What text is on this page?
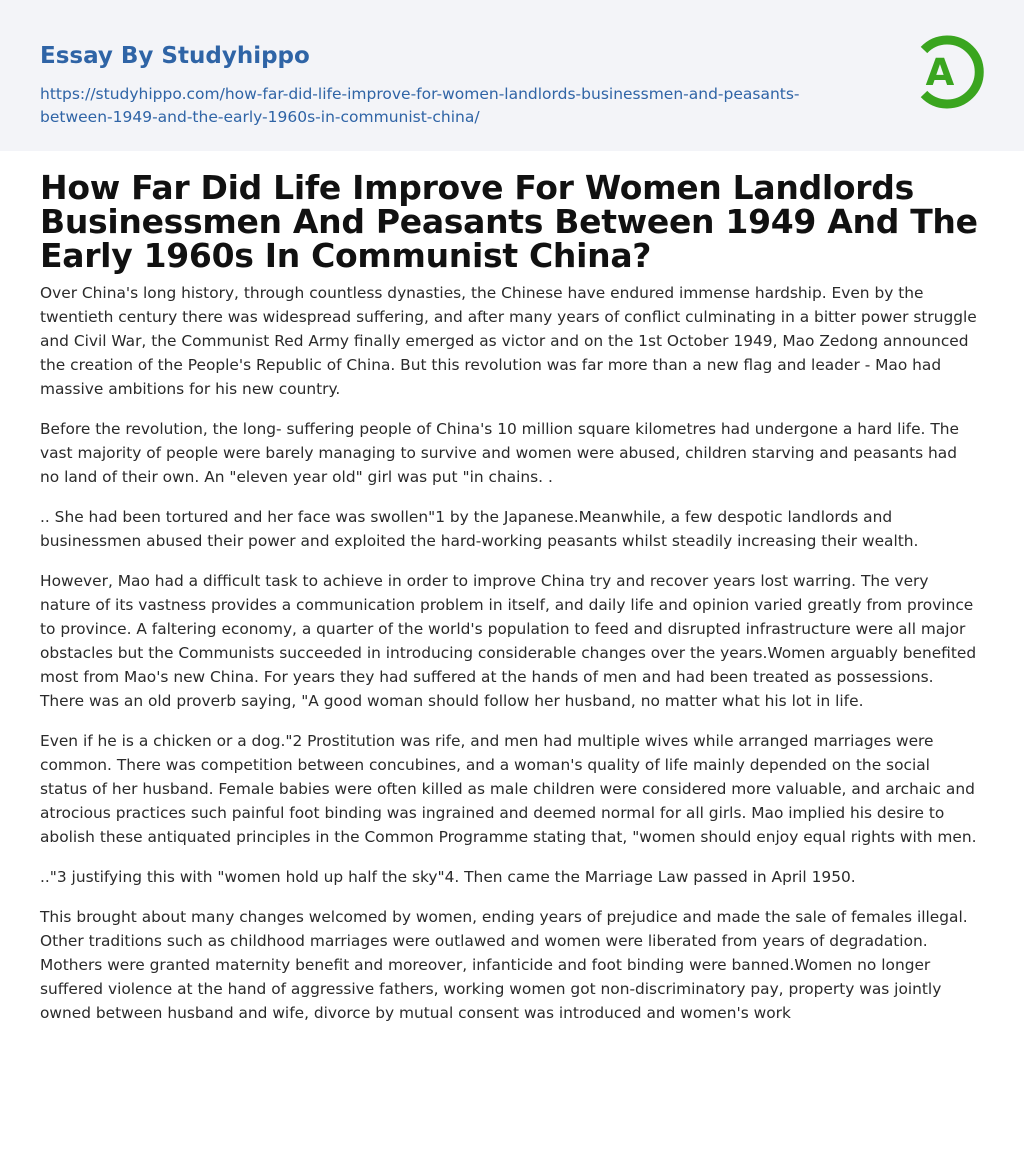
Essay By Studyhippo
https://studyhippo.com/how-far-did-life-improve-for-women-landlords-businessmen-and-peasants-between-1949-and-the-early-1960s-in-communist-china/
A
How Far Did Life Improve For Women Landlords Businessmen And Peasants Between 1949 And The Early 1960s In Communist China?

Over China's long history, through countless dynasties, the Chinese have endured immense hardship. Even by the twentieth century there was widespread suffering, and after many years of conflict culminating in a bitter power struggle and Civil War, the Communist Red Army finally emerged as victor and on the 1st October 1949, Mao Zedong announced the creation of the People's Republic of China. But this revolution was far more than a new flag and leader - Mao had massive ambitions for his new country.

Before the revolution, the long- suffering people of China's 10 million square kilometres had undergone a hard life. The vast majority of people were barely managing to survive and women were abused, children starving and peasants had no land of their own. An "eleven year old" girl was put "in chains. .

.. She had been tortured and her face was swollen"1 by the Japanese.Meanwhile, a few despotic landlords and businessmen abused their power and exploited the hard-working peasants whilst steadily increasing their wealth.

However, Mao had a difficult task to achieve in order to improve China try and recover years lost warring. The very nature of its vastness provides a communication problem in itself, and daily life and opinion varied greatly from province to province. A faltering economy, a quarter of the world's population to feed and disrupted infrastructure were all major obstacles but the Communists succeeded in introducing considerable changes over the years.Women arguably benefited most from Mao's new China. For years they had suffered at the hands of men and had been treated as possessions. There was an old proverb saying, "A good woman should follow her husband, no matter what his lot in life.

Even if he is a chicken or a dog."2 Prostitution was rife, and men had multiple wives while arranged marriages were common. There was competition between concubines, and a woman's quality of life mainly depended on the social status of her husband. Female babies were often killed as male children were considered more valuable, and archaic and atrocious practices such painful foot binding was ingrained and deemed normal for all girls. Mao implied his desire to abolish these antiquated principles in the Common Programme stating that, "women should enjoy equal rights with men.

.."3 justifying this with "women hold up half the sky"4. Then came the Marriage Law passed in April 1950.

This brought about many changes welcomed by women, ending years of prejudice and made the sale of females illegal. Other traditions such as childhood marriages were outlawed and women were liberated from years of degradation. Mothers were granted maternity benefit and moreover, infanticide and foot binding were banned.Women no longer suffered violence at the hand of aggressive fathers, working women got non-discriminatory pay, property was jointly owned between husband and wife, divorce by mutual consent was introduced and women's work
